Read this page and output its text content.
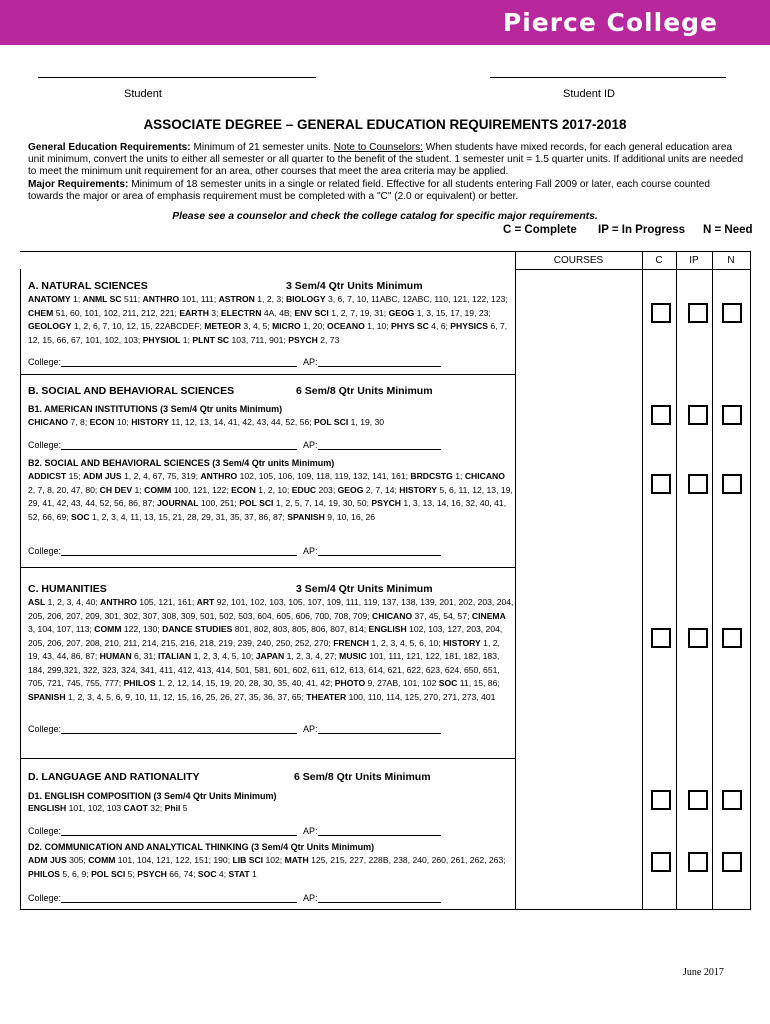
Pierce College
Student	Student ID
ASSOCIATE DEGREE – GENERAL EDUCATION REQUIREMENTS 2017-2018
General Education Requirements: Minimum of 21 semester units. Note to Counselors: When students have mixed records, for each general education area unit minimum, convert the units to either all semester or all quarter to the benefit of the student. 1 semester unit = 1.5 quarter units. If additional units are needed to meet the minimum unit requirement for an area, other courses that meet the area criteria may be applied.
Major Requirements: Minimum of 18 semester units in a single or related field. Effective for all students entering Fall 2009 or later, each course counted towards the major or area of emphasis requirement must be completed with a "C" (2.0 or equivalent) or better.
Please see a counselor and check the college catalog for specific major requirements.
C = Complete IP = In Progress N = Need
COURSES	C	IP	N
A. NATURAL SCIENCES	3 Sem/4 Qtr Units Minimum
ANATOMY 1; ANML SC 511; ANTHRO 101, 111; ASTRON 1, 2, 3; BIOLOGY 3, 6, 7, 10, 11ABC, 12ABC, 110, 121, 122, 123; CHEM 51, 60, 101, 102, 211, 212, 221; EARTH 3; ELECTRN 4A, 4B; ENV SCI 1, 2, 7, 19, 31; GEOG 1, 3, 15, 17, 19, 23; GEOLOGY 1, 2, 6, 7, 10, 12, 15, 22ABCDEF; METEOR 3, 4, 5; MICRO 1, 20; OCEANO 1, 10; PHYS SC 4, 6; PHYSICS 6, 7, 12, 15, 66, 67, 101, 102, 103; PHYSIOL 1; PLNT SC 103, 711, 901; PSYCH 2, 73
College:	AP:
B. SOCIAL AND BEHAVIORAL SCIENCES	6 Sem/8 Qtr Units Minimum
B1. AMERICAN INSTITUTIONS (3 Sem/4 Qtr units Minimum)
CHICANO 7, 8; ECON 10; HISTORY 11, 12, 13, 14, 41, 42, 43, 44, 52, 56; POL SCI 1, 19, 30
College:	AP:
B2. SOCIAL AND BEHAVIORAL SCIENCES (3 Sem/4 Qtr units Minimum)
ADDICST 15; ADM JUS 1, 2, 4, 67, 75, 319; ANTHRO 102, 105, 106, 109, 118, 119, 132, 141, 161; BRDCSTG 1; CHICANO 2, 7, 8, 20, 47, 80; CH DEV 1; COMM 100, 121, 122; ECON 1, 2, 10; EDUC 203; GEOG 2, 7, 14; HISTORY 5, 6, 11, 12, 13, 19, 29, 41, 42, 43, 44, 52, 56, 86, 87; JOURNAL 100, 251; POL SCI 1, 2, 5, 7, 14, 19, 30, 50; PSYCH 1, 3, 13, 14, 16, 32, 40, 41, 52, 66, 69; SOC 1, 2, 3, 4, 11, 13, 15, 21, 28, 29, 31, 35, 37, 86, 87; SPANISH 9, 10, 16, 26
College:	AP:
C. HUMANITIES	3 Sem/4 Qtr Units Minimum
ASL 1, 2, 3, 4, 40; ANTHRO 105, 121, 161; ART 92, 101, 102, 103, 105, 107, 109, 111, 119, 137, 138, 139, 201, 202, 203, 204, 205, 206, 207, 209, 301, 302, 307, 308, 309, 501, 502, 503, 604, 605, 606, 700, 708, 709; CHICANO 37, 45, 54, 57; CINEMA 3, 104, 107, 113; COMM 122, 130; DANCE STUDIES 801, 802, 803, 805, 806, 807, 814; ENGLISH 102, 103, 127, 203, 204, 205, 206, 207, 208, 210, 211, 214, 215, 216, 218, 219, 239, 240, 250, 252, 270; FRENCH 1, 2, 3, 4, 5, 6, 10; HISTORY 1, 2, 19, 43, 44, 86, 87; HUMAN 6, 31; ITALIAN 1, 2, 3, 4, 5, 10; JAPAN 1, 2, 3, 4, 27; MUSIC 101, 111, 121, 122, 181, 182, 183, 184, 299,321, 322, 323, 324, 341, 411, 412, 413, 414, 501, 581, 601, 602, 611, 612, 613, 614, 621, 622, 623, 624, 650, 651, 705, 721, 745, 755, 777; PHILOS 1, 2, 12, 14, 15, 19, 20, 28, 30, 35, 40, 41, 42; PHOTO 9, 27AB, 101, 102 SOC 11, 15, 86; SPANISH 1, 2, 3, 4, 5, 6, 9, 10, 11, 12, 15, 16, 25, 26, 27, 35, 36, 37, 65; THEATER 100, 110, 114, 125, 270, 271, 273, 401
College:	AP:
D. LANGUAGE AND RATIONALITY	6 Sem/8 Qtr Units Minimum
D1. ENGLISH COMPOSITION (3 Sem/4 Qtr Units Minimum)
ENGLISH 101, 102, 103 CAOT 32; Phil 5
College:	AP:
D2. COMMUNICATION AND ANALYTICAL THINKING (3 Sem/4 Qtr Units Minimum)
ADM JUS 305; COMM 101, 104, 121, 122, 151; 190; LIB SCI 102; MATH 125, 215, 227, 228B, 238, 240, 260, 261, 262, 263; PHILOS 5, 6, 9; POL SCI 5; PSYCH 66, 74; SOC 4; STAT 1
College:	AP:
June 2017
